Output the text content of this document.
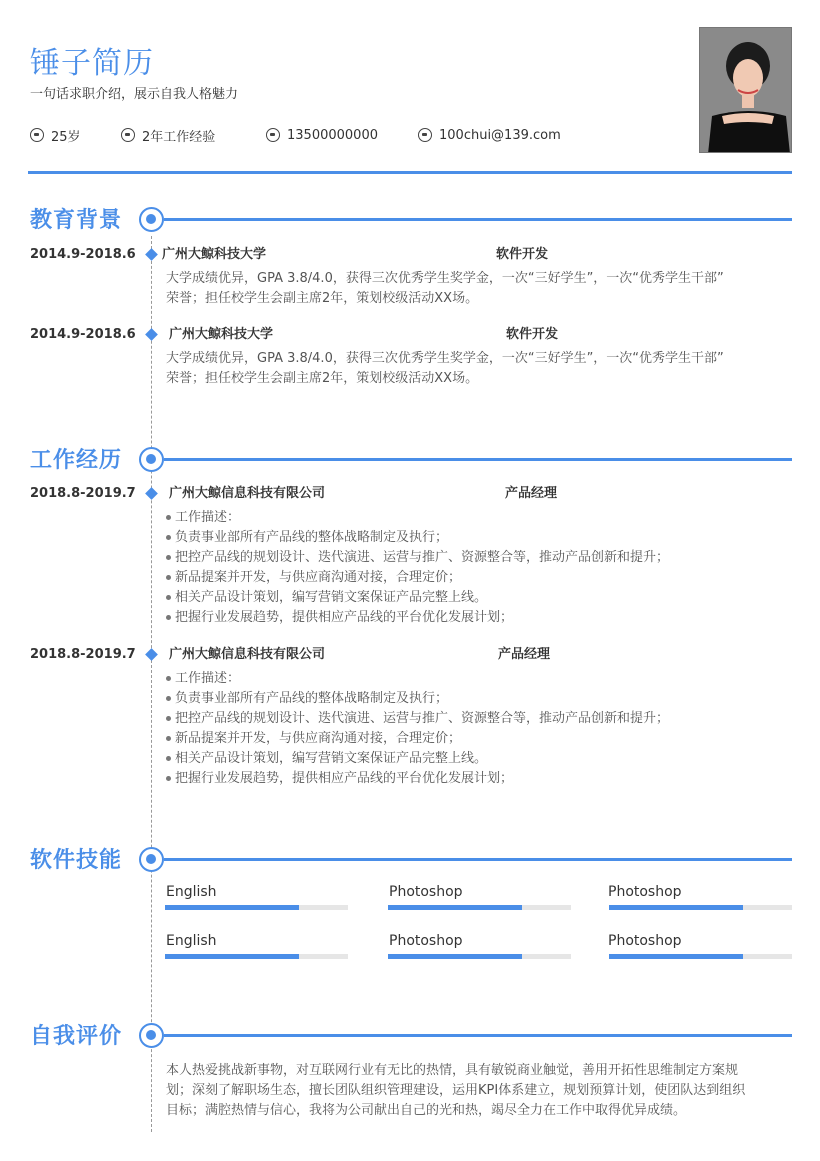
锤子简历
一句话求职介绍，展示自我人格魅力
25岁	2年工作经验	13500000000	100chui@139.com
教育背景
2014.9-2018.6 广州大鲸科技大学	软件开发
大学成绩优异，GPA 3.8/4.0，获得三次优秀学生奖学金，一次“三好学生”，一次“优秀学生干部”
荣誉；担任校学生会副主席2年，策划校级活动XX场。
2014.9-2018.6	广州大鲸科技大学	软件开发
大学成绩优异，GPA 3.8/4.0，获得三次优秀学生奖学金，一次“三好学生”，一次“优秀学生干部”
荣誉；担任校学生会副主席2年，策划校级活动XX场。
工作经历
2018.8-2019.7	广州大鲸信息科技有限公司	产品经理
工作描述：
负责事业部所有产品线的整体战略制定及执行；
把控产品线的规划设计、迭代演进、运营与推广、资源整合等，推动产品创新和提升；
新品提案并开发，与供应商沟通对接，合理定价；
相关产品设计策划，编写营销文案保证产品完整上线。
把握行业发展趋势，提供相应产品线的平台优化发展计划；
2018.8-2019.7	广州大鲸信息科技有限公司	产品经理
工作描述：
负责事业部所有产品线的整体战略制定及执行；
把控产品线的规划设计、迭代演进、运营与推广、资源整合等，推动产品创新和提升；
新品提案并开发，与供应商沟通对接，合理定价；
相关产品设计策划，编写营销文案保证产品完整上线。
把握行业发展趋势，提供相应产品线的平台优化发展计划；
软件技能
English	Photoshop	Photoshop
English	Photoshop	Photoshop
自我评价
本人热爱挑战新事物，对互联网行业有无比的热情，具有敏锐商业触觉，善用开拓性思维制定方案规
划；深刻了解职场生态，擅长团队组织管理建设，运用KPI体系建立，规划预算计划，使团队达到组织
目标；满腔热情与信心，我将为公司献出自己的光和热，竭尽全力在工作中取得优异成绩。
